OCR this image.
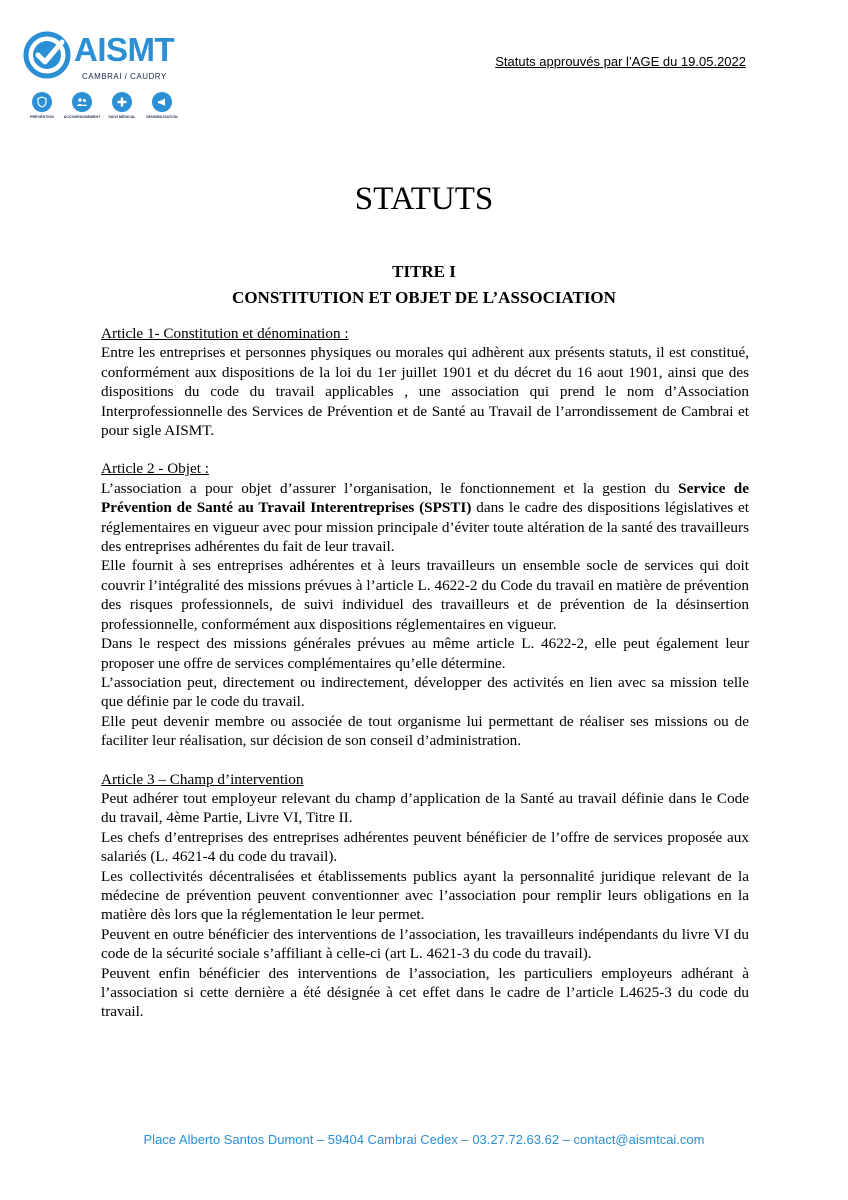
AISMT
CAMBRAI / CAUDRY
PRÉVENTION	ACCOMPAGNEMENT	SUIVI MÉDICAL	SENSIBILISATION
Statuts approuvés par l’AGE du 19.05.2022
STATUTS
TITRE I
CONSTITUTION ET OBJET DE L’ASSOCIATION
Article 1- Constitution et dénomination :

Entre les entreprises et personnes physiques ou morales qui adhèrent aux présents statuts, il est constitué, conformément aux dispositions de la loi du 1er juillet 1901 et du décret du 16 aout 1901, ainsi que des dispositions du code du travail applicables , une association qui prend le nom d’Association Interprofessionnelle des Services de Prévention et de Santé au Travail de l’arrondissement de Cambrai et pour sigle AISMT.

Article 2 - Objet :

L’association a pour objet d’assurer l’organisation, le fonctionnement et la gestion du Service de Prévention de Santé au Travail Interentreprises (SPSTI) dans le cadre des dispositions législatives et réglementaires en vigueur avec pour mission principale d’éviter toute altération de la santé des travailleurs des entreprises adhérentes du fait de leur travail.

Elle fournit à ses entreprises adhérentes et à leurs travailleurs un ensemble socle de services qui doit couvrir l’intégralité des missions prévues à l’article L. 4622-2 du Code du travail en matière de prévention des risques professionnels, de suivi individuel des travailleurs et de prévention de la désinsertion professionnelle, conformément aux dispositions réglementaires en vigueur.

Dans le respect des missions générales prévues au même article L. 4622-2, elle peut également leur proposer une offre de services complémentaires qu’elle détermine.

L’association peut, directement ou indirectement, développer des activités en lien avec sa mission telle que définie par le code du travail.

Elle peut devenir membre ou associée de tout organisme lui permettant de réaliser ses missions ou de faciliter leur réalisation, sur décision de son conseil d’administration.

Article 3 – Champ d’intervention

Peut adhérer tout employeur relevant du champ d’application de la Santé au travail définie dans le Code du travail, 4ème Partie, Livre VI, Titre II.

Les chefs d’entreprises des entreprises adhérentes peuvent bénéficier de l’offre de services proposée aux salariés (L. 4621-4 du code du travail).

Les collectivités décentralisées et établissements publics ayant la personnalité juridique relevant de la médecine de prévention peuvent conventionner avec l’association pour remplir leurs obligations en la matière dès lors que la réglementation le leur permet.

Peuvent en outre bénéficier des interventions de l’association, les travailleurs indépendants du livre VI du code de la sécurité sociale s’affiliant à celle-ci (art L. 4621-3 du code du travail).

Peuvent enfin bénéficier des interventions de l’association, les particuliers employeurs adhérant à l’association si cette dernière a été désignée à cet effet dans le cadre de l’article L4625-3 du code du travail.

Place Alberto Santos Dumont – 59404 Cambrai Cedex – 03.27.72.63.62 – contact@aismtcai.com
